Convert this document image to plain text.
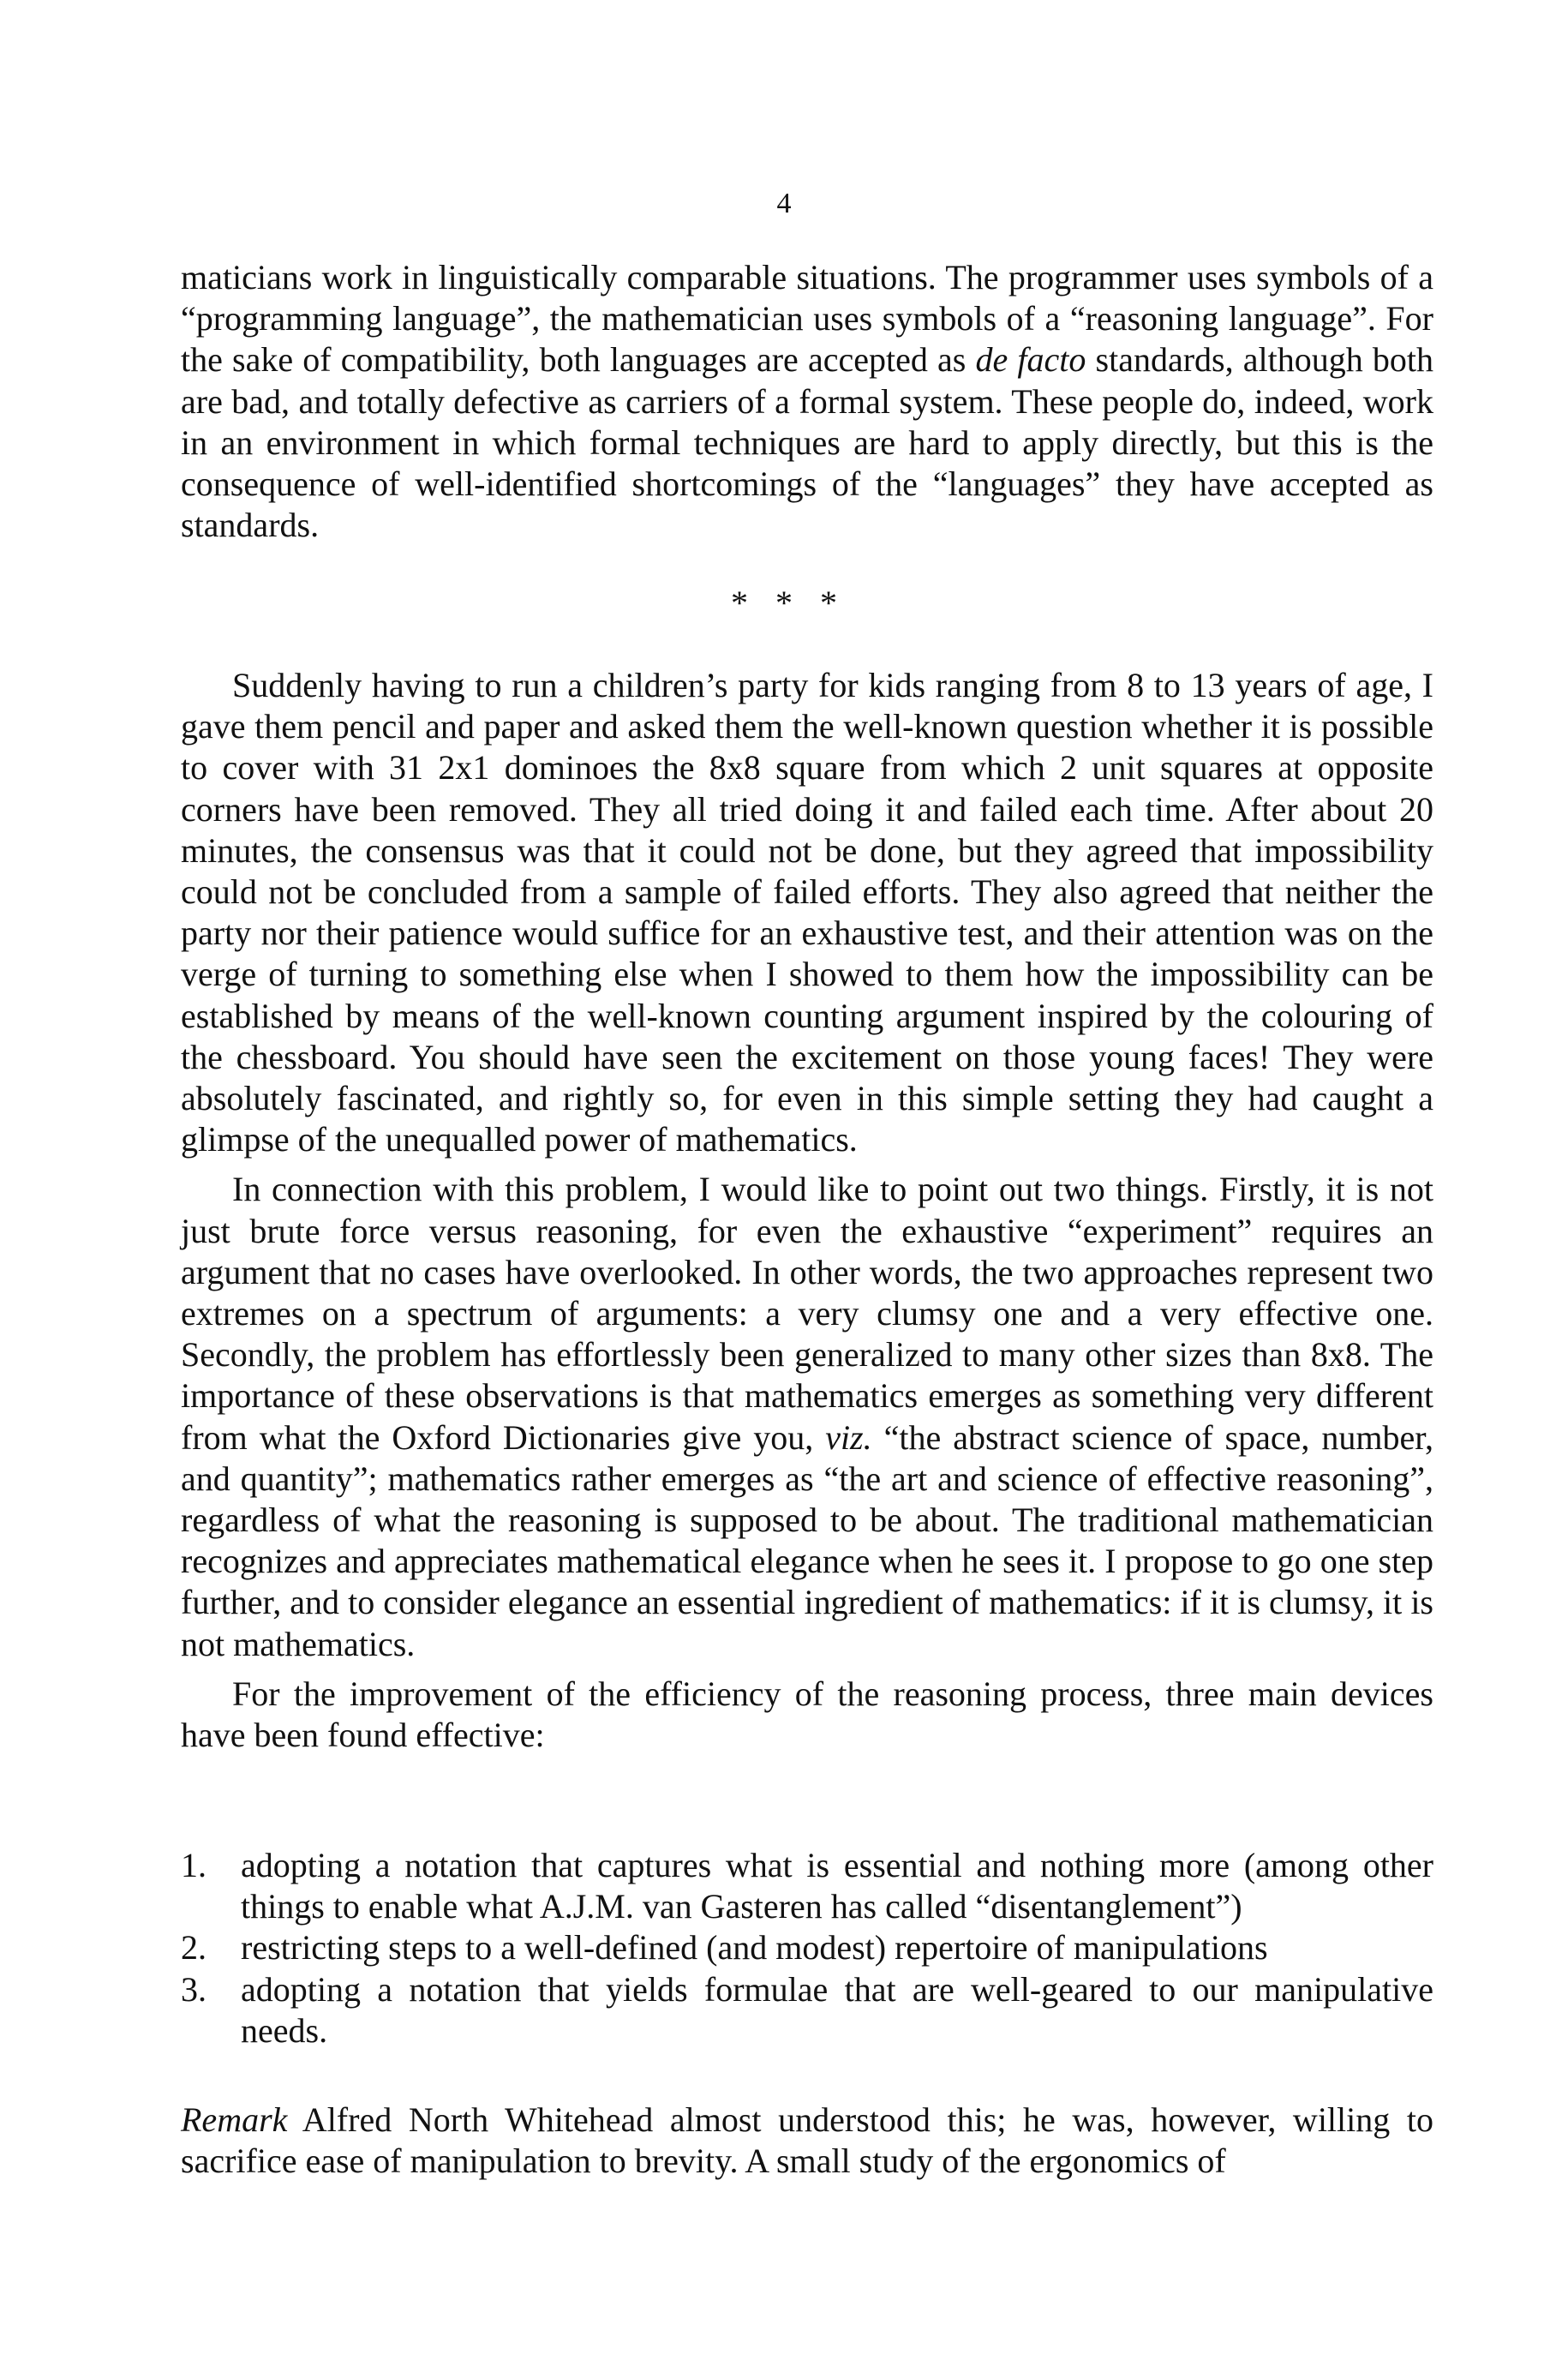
4

maticians work in linguistically comparable situations. The programmer uses symbols of a “programming language”, the mathematician uses symbols of a “reasoning language”. For the sake of compatibility, both languages are accepted as de facto standards, although both are bad, and totally defective as carriers of a formal system. These people do, indeed, work in an environment in which formal techniques are hard to apply directly, but this is the consequence of well-identified shortcomings of the “languages” they have accepted as standards.

* * *

Suddenly having to run a children’s party for kids ranging from 8 to 13 years of age, I gave them pencil and paper and asked them the well-known question whether it is possible to cover with 31 2x1 dominoes the 8x8 square from which 2 unit squares at opposite corners have been removed. They all tried doing it and failed each time. After about 20 minutes, the consensus was that it could not be done, but they agreed that impossibility could not be concluded from a sample of failed efforts. They also agreed that neither the party nor their patience would suffice for an exhaustive test, and their attention was on the verge of turning to something else when I showed to them how the impossibility can be established by means of the well-known counting argument inspired by the colouring of the chessboard. You should have seen the excitement on those young faces! They were absolutely fascinated, and rightly so, for even in this simple setting they had caught a glimpse of the unequalled power of mathematics.

In connection with this problem, I would like to point out two things. Firstly, it is not just brute force versus reasoning, for even the exhaustive “experiment” requires an argument that no cases have overlooked. In other words, the two approaches represent two extremes on a spectrum of arguments: a very clumsy one and a very effective one. Secondly, the problem has effortlessly been generalized to many other sizes than 8x8. The importance of these observations is that mathematics emerges as something very different from what the Oxford Dictionaries give you, viz. “the abstract science of space, number, and quantity”; mathematics rather emerges as “the art and science of effective reasoning”, regardless of what the reasoning is supposed to be about. The traditional mathematician recognizes and appreciates mathematical elegance when he sees it. I propose to go one step further, and to consider elegance an essential ingredient of mathematics: if it is clumsy, it is not mathematics.

For the improvement of the efficiency of the reasoning process, three main devices have been found effective:

1.	adopting a notation that captures what is essential and nothing more (among other things to enable what A.J.M. van Gasteren has called “disentanglement”)
2.	restricting steps to a well-defined (and modest) repertoire of manipulations
3.	adopting a notation that yields formulae that are well-geared to our manipulative needs.

Remark Alfred North Whitehead almost understood this; he was, however, willing to sacrifice ease of manipulation to brevity. A small study of the ergonomics of
